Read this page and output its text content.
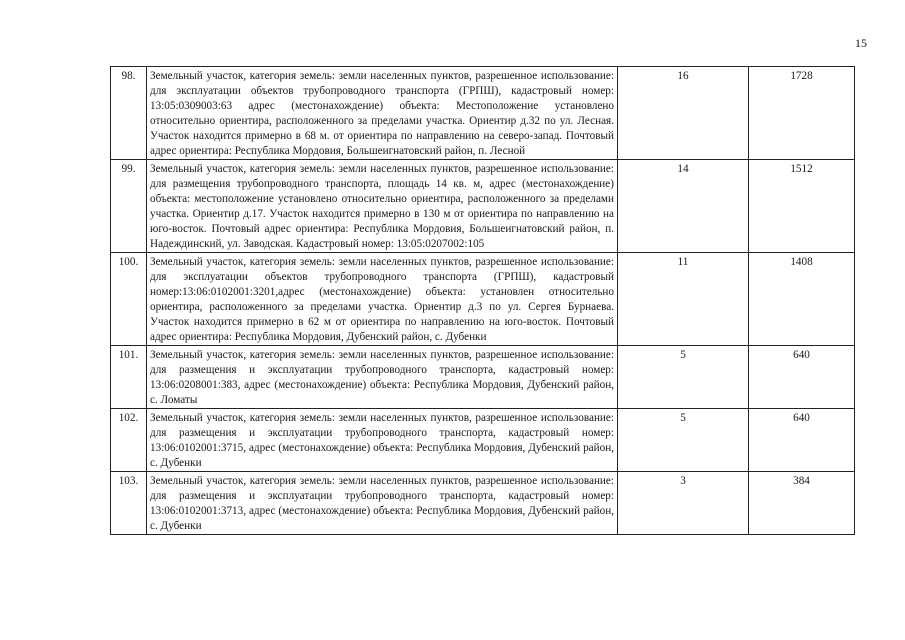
15
98.	Земельный участок, категория земель: земли населенных пунктов, разрешенное использование: для эксплуатации объектов трубопроводного транспорта (ГРПШ), кадастровый номер: 13:05:0309003:63 адрес (местонахождение) объекта: Местоположение установлено относительно ориентира, расположенного за пределами участка. Ориентир д.32 по ул. Лесная. Участок находится примерно в 68 м. от ориентира по направлению на северо-запад. Почтовый адрес ориентира: Республика Мордовия, Большеигнатовский район, п. Лесной	16	1728
99.	Земельный участок, категория земель: земли населенных пунктов, разрешенное использование: для размещения трубопроводного транспорта, площадь 14 кв. м, адрес (местонахождение) объекта: местоположение установлено относительно ориентира, расположенного за пределами участка. Ориентир д.17. Участок находится примерно в 130 м от ориентира по направлению на юго-восток. Почтовый адрес ориентира: Республика Мордовия, Большеигнатовский район, п. Надеждинский, ул. Заводская. Кадастровый номер: 13:05:0207002:105	14	1512
100.	Земельный участок, категория земель: земли населенных пунктов, разрешенное использование: для эксплуатации объектов трубопроводного транспорта (ГРПШ), кадастровый номер:13:06:0102001:3201,адрес (местонахождение) объекта: установлен относительно ориентира, расположенного за пределами участка. Ориентир д.3 по ул. Сергея Бурнаева. Участок находится примерно в 62 м от ориентира по направлению на юго-восток. Почтовый адрес ориентира: Республика Мордовия, Дубенский район, с. Дубенки	11	1408
101.	Земельный участок, категория земель: земли населенных пунктов, разрешенное использование: для размещения и эксплуатации трубопроводного транспорта, кадастровый номер: 13:06:0208001:383, адрес (местонахождение) объекта: Республика Мордовия, Дубенский район, с. Ломаты	5	640
102.	Земельный участок, категория земель: земли населенных пунктов, разрешенное использование: для размещения и эксплуатации трубопроводного транспорта, кадастровый номер: 13:06:0102001:3715, адрес (местонахождение) объекта: Республика Мордовия, Дубенский район, с. Дубенки	5	640
103.	Земельный участок, категория земель: земли населенных пунктов, разрешенное использование: для размещения и эксплуатации трубопроводного транспорта, кадастровый номер: 13:06:0102001:3713, адрес (местонахождение) объекта: Республика Мордовия, Дубенский район, с. Дубенки	3	384
